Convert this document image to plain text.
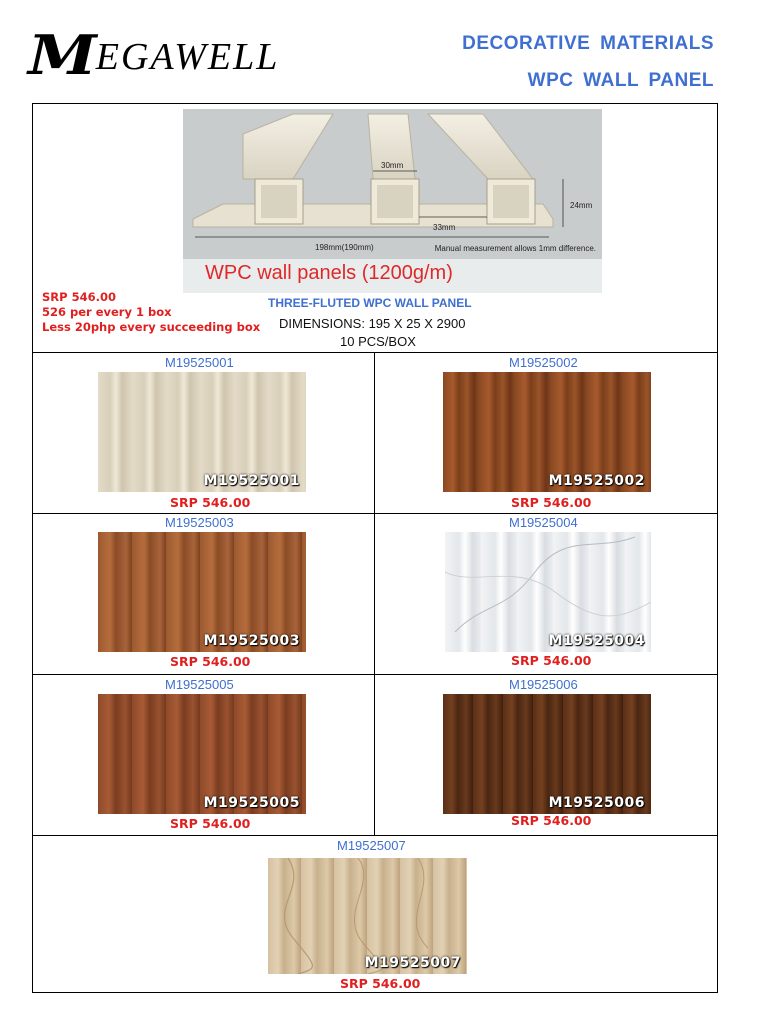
M EGAWELL	DECORATIVE MATERIALS
WPC WALL PANEL
30mm
24mm
33mm
198mm(190mm)	Manual measurement allows 1mm difference.
WPC wall panels (1200g/m)
SRP 546.00
526 per every 1 box
Less 20php every succeeding box
THREE-FLUTED WPC WALL PANEL
DIMENSIONS: 195 X 25 X 2900
10 PCS/BOX
M19525001
M19525001
SRP 546.00
M19525002
M19525002
SRP 546.00
M19525003
M19525003
SRP 546.00
M19525004
M19525004
SRP 546.00
M19525005
M19525005
SRP 546.00
M19525006
M19525006
SRP 546.00
M19525007
M19525007
SRP 546.00
